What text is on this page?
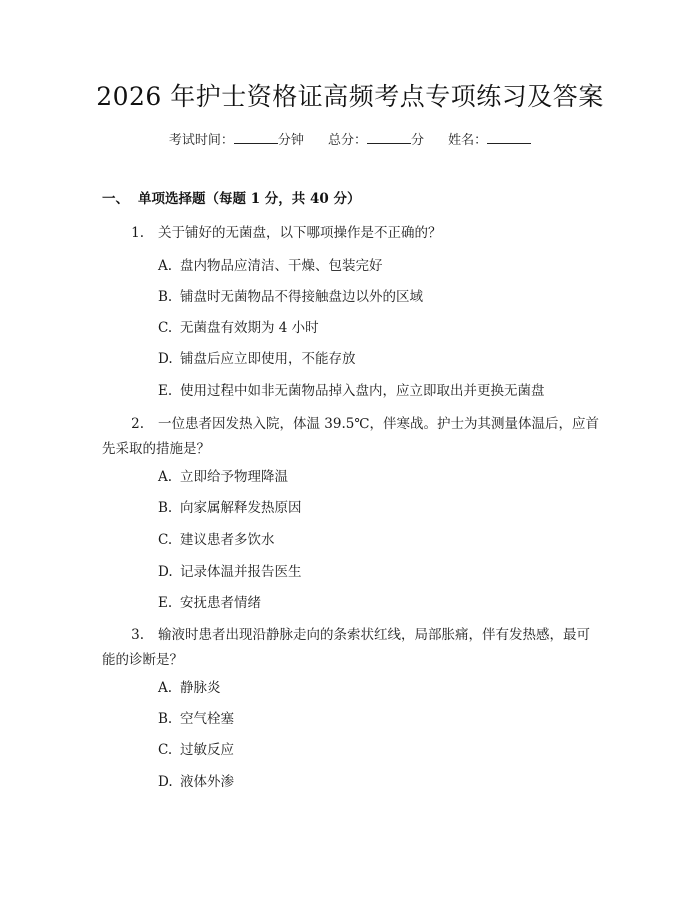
2026 年护士资格证高频考点专项练习及答案
考试时间：	分钟 总分：	分 姓名：
一、 单项选择题（每题 1 分，共 40 分）
1. 关于铺好的无菌盘，以下哪项操作是不正确的？
A. 盘内物品应清洁、干燥、包装完好
B. 铺盘时无菌物品不得接触盘边以外的区域
C. 无菌盘有效期为 4 小时
D. 铺盘后应立即使用，不能存放
E. 使用过程中如非无菌物品掉入盘内，应立即取出并更换无菌盘
2. 一位患者因发热入院，体温 39.5℃，伴寒战。护士为其测量体温后，应首先采取的措施是？
A. 立即给予物理降温
B. 向家属解释发热原因
C. 建议患者多饮水
D. 记录体温并报告医生
E. 安抚患者情绪
3. 输液时患者出现沿静脉走向的条索状红线，局部胀痛，伴有发热感，最可能的诊断是？
A. 静脉炎
B. 空气栓塞
C. 过敏反应
D. 液体外渗
